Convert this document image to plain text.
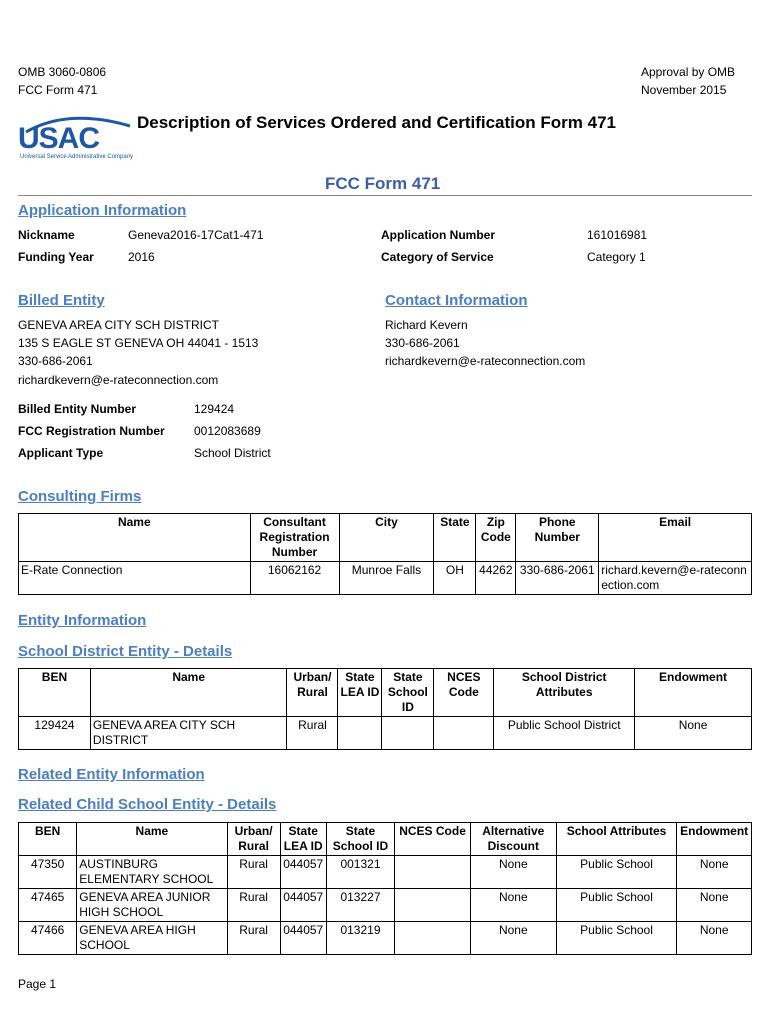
OMB 3060-0806
FCC Form 471
Approval by OMB
November 2015
USAC
Universal Service Administrative Company
Description of Services Ordered and Certification Form 471
FCC Form 471
Application Information
Nickname	Geneva2016-17Cat1-471	Application Number	161016981
Funding Year	2016	Category of Service	Category 1
Billed Entity
GENEVA AREA CITY SCH DISTRICT
135 S EAGLE ST GENEVA OH 44041 - 1513
330-686-2061
richardkevern@e-rateconnection.com
Billed Entity Number	129424
FCC Registration Number 0012083689
Applicant Type	School District
Contact Information
Richard Kevern
330-686-2061
richardkevern@e-rateconnection.com
Consulting Firms
Name	Consultant Registration Number	City	State	Zip Code	Phone Number	Email
E-Rate Connection	16062162	Munroe Falls	OH	44262	330-686-2061	richard.kevern@e-rateconnection.com
Entity Information
School District Entity - Details
BEN	Name	Urban/ Rural	State LEA ID	State School ID	NCES Code	School District Attributes	Endowment
129424	GENEVA AREA CITY SCH DISTRICT	Rural				Public School District	None
Related Entity Information
Related Child School Entity - Details
BEN	Name	Urban/ Rural	State LEA ID	State School ID	NCES Code	Alternative Discount	School Attributes	Endowment
47350	AUSTINBURG ELEMENTARY SCHOOL	Rural	044057	001321		None	Public School	None
47465	GENEVA AREA JUNIOR HIGH SCHOOL	Rural	044057	013227		None	Public School	None
47466	GENEVA AREA HIGH SCHOOL	Rural	044057	013219		None	Public School	None
Page 1
